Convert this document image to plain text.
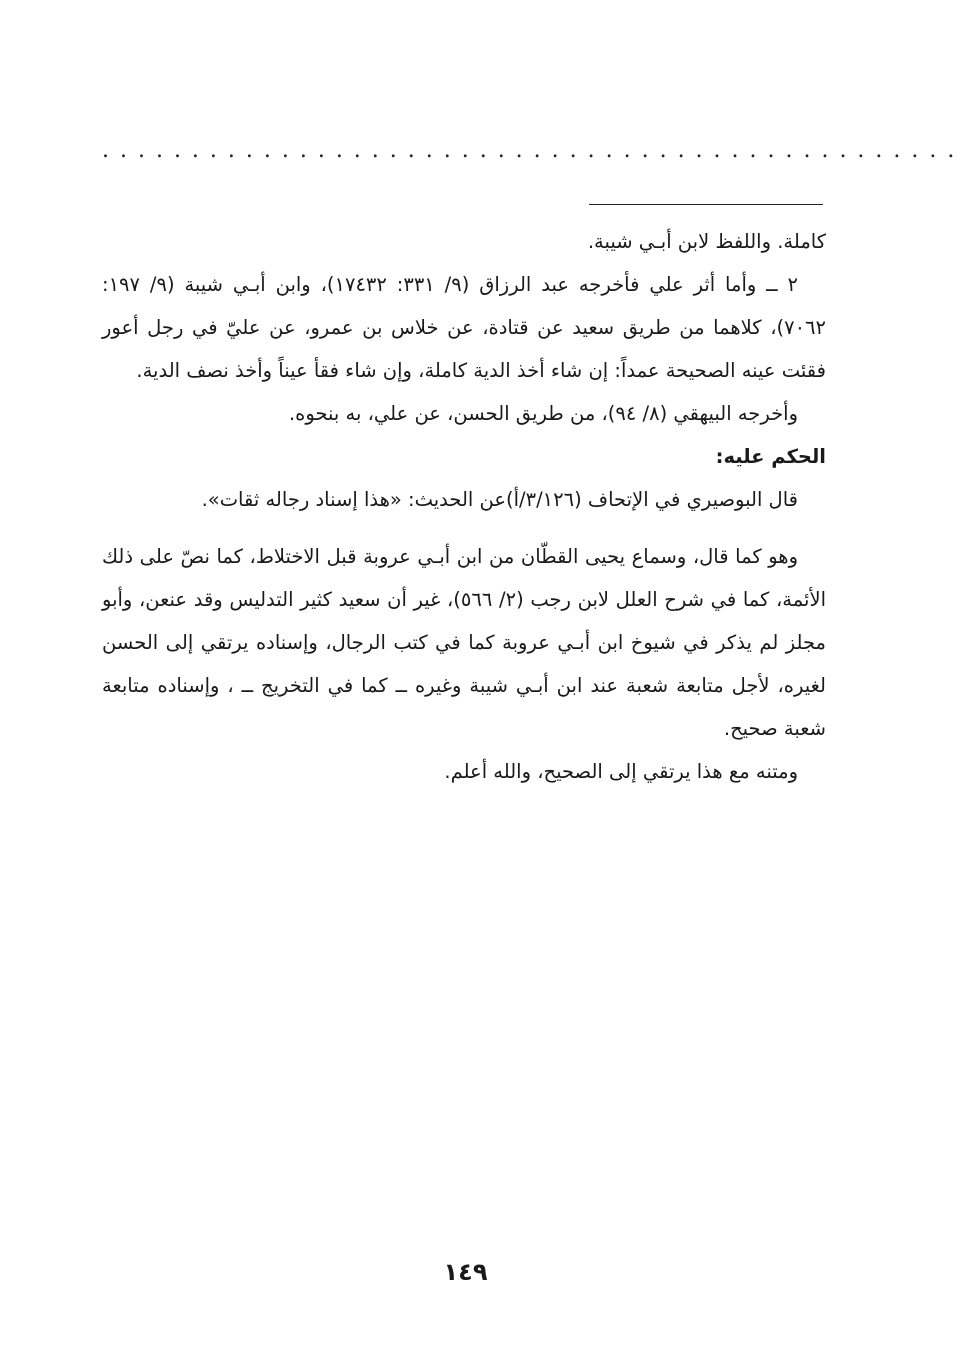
. . . . . . . . . . . . . . . . . . . . . . . . . . . . . . . . . . . . . . . . . . . . . . . .

كاملة. واللفظ لابن أبـي شيبة.

٢ ــ وأما أثر علي فأخرجه عبد الرزاق (٩/ ٣٣١: ١٧٤٣٢)، وابن أبـي شيبة (٩/ ١٩٧: ٧٠٦٢)، كلاهما من طريق سعيد عن قتادة، عن خلاس بن عمرو، عن عليّ في رجل أعور فقئت عينه الصحيحة عمداً: إن شاء أخذ الدية كاملة، وإن شاء فقأ عيناً وأخذ نصف الدية.

وأخرجه البيهقي (٨/ ٩٤)، من طريق الحسن، عن علي، به بنحوه.

الحكم عليه:

قال البوصيري في الإتحاف (٣/١٢٦/أ)عن الحديث: «هذا إسناد رجاله ثقات».

وهو كما قال، وسماع يحيى القطّان من ابن أبـي عروبة قبل الاختلاط، كما نصّ على ذلك الأئمة، كما في شرح العلل لابن رجب (٢/ ٥٦٦)، غير أن سعيد كثير التدليس وقد عنعن، وأبو مجلز لم يذكر في شيوخ ابن أبـي عروبة كما في كتب الرجال، وإسناده يرتقي إلى الحسن لغيره، لأجل متابعة شعبة عند ابن أبـي شيبة وغيره ــ كما في التخريج ــ ، وإسناده متابعة شعبة صحيح.

ومتنه مع هذا يرتقي إلى الصحيح، والله أعلم.

١٤٩
